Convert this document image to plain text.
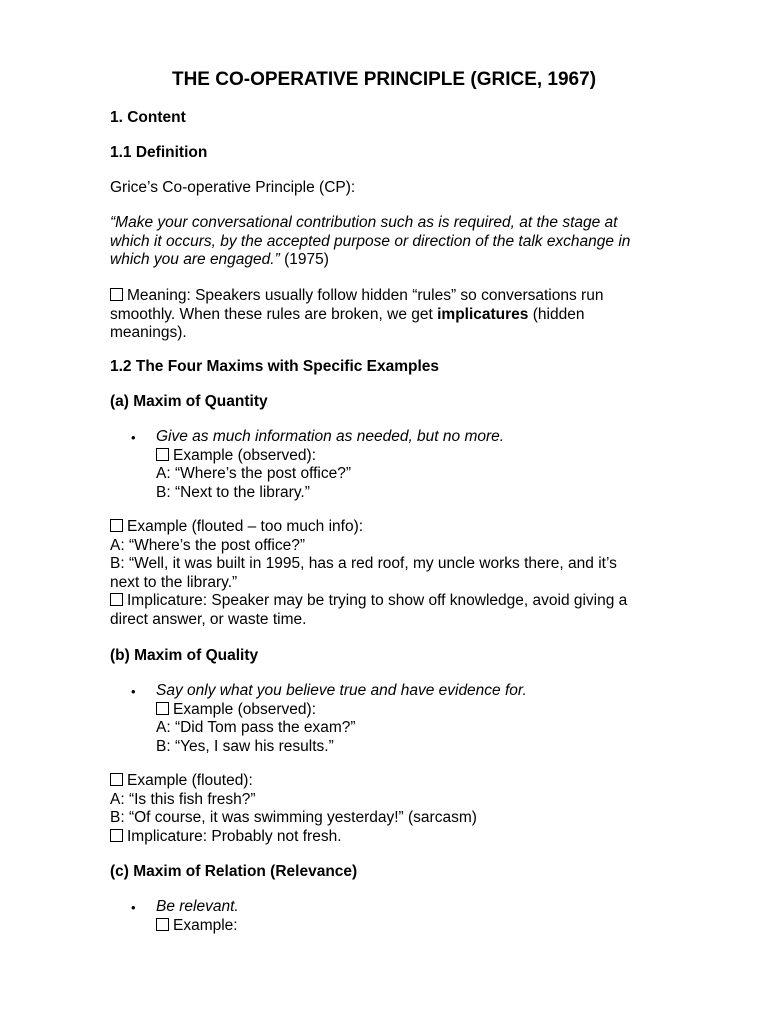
THE CO-OPERATIVE PRINCIPLE (GRICE, 1967)
1. Content
1.1 Definition
Grice’s Co-operative Principle (CP):
“Make your conversational contribution such as is required, at the stage at
which it occurs, by the accepted purpose or direction of the talk exchange in
which you are engaged.” (1975)
Meaning: Speakers usually follow hidden “rules” so conversations run
smoothly. When these rules are broken, we get implicatures (hidden
meanings).
1.2 The Four Maxims with Specific Examples
(a) Maxim of Quantity
• Give as much information as needed, but no more.
Example (observed):
A: “Where’s the post office?”
B: “Next to the library.”
Example (flouted – too much info):
A: “Where’s the post office?”
B: “Well, it was built in 1995, has a red roof, my uncle works there, and it’s
next to the library.”
Implicature: Speaker may be trying to show off knowledge, avoid giving a
direct answer, or waste time.
(b) Maxim of Quality
• Say only what you believe true and have evidence for.
Example (observed):
A: “Did Tom pass the exam?”
B: “Yes, I saw his results.”
Example (flouted):
A: “Is this fish fresh?”
B: “Of course, it was swimming yesterday!” (sarcasm)
Implicature: Probably not fresh.
(c) Maxim of Relation (Relevance)
• Be relevant.
Example:
